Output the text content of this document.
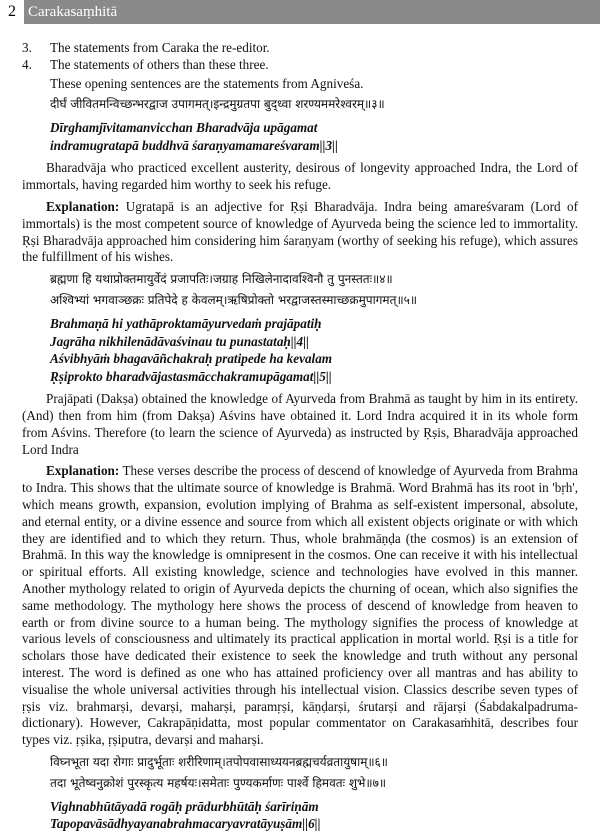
2 Carakasaṃhitā

3. The statements from Caraka the re-editor.

4. The statements of others than these three.

These opening sentences are the statements from Agniveśa.

दीर्घं जीवितमन्विच्छन्भरद्वाज उपागमत्।इन्द्रमुग्रतपा बुद्ध्वा शरण्यममरेश्वरम्॥३॥
Dīrghamjīvitamanvicchan Bharadvāja upāgamat
indramugratapā buddhvā śaraṇyamamareśvaram||3||

Bharadvāja who practiced excellent austerity, desirous of longevity approached Indra, the Lord of immortals, having regarded him worthy to seek his refuge.

Explanation: Ugratapā is an adjective for Ṛṣi Bharadvāja. Indra being amareśvaram (Lord of immortals) is the most competent source of knowledge of Ayurveda being the science led to immortality. Ṛṣi Bharadvāja approached him considering him śaraṇyam (worthy of seeking his refuge), which assures the fulfillment of his wishes.

ब्रह्मणा हि यथाप्रोक्तमायुर्वेदं प्रजापतिः।जग्राह निखिलेनादावश्विनौ तु पुनस्ततः॥४॥
अश्विभ्यां भगवाञ्छक्रः प्रतिपेदे ह केवलम्।ऋषिप्रोक्तो भरद्वाजस्तस्माच्छक्रमुपागमत्॥५॥
Brahmaṇā hi yathāproktamāyurvedaṁ prajāpatiḥ
Jagrāha nikhilenādāvaśvinau tu punastataḥ||4||
Aśvibhyāṁ bhagavāñchakraḥ pratipede ha kevalam
Ṛṣiprokto bharadvājastasmācchakramupāgamat||5||

Prajāpati (Dakṣa) obtained the knowledge of Ayurveda from Brahmā as taught by him in its entirety. (And) then from him (from Dakṣa) Aśvins have obtained it. Lord Indra acquired it in its whole form from Aśvins. Therefore (to learn the science of Ayurveda) as instructed by Ṛṣis, Bharadvāja approached Lord Indra

Explanation: These verses describe the process of descend of knowledge of Ayurveda from Brahma to Indra. This shows that the ultimate source of knowledge is Brahmā. Word Brahmā has its root in 'bṛh', which means growth, expansion, evolution implying of Brahma as self-existent impersonal, absolute, and eternal entity, or a divine essence and source from which all existent objects originate or with which they are identified and to which they return. Thus, whole brahmāṇḍa (the cosmos) is an extension of Brahmā. In this way the knowledge is omnipresent in the cosmos. One can receive it with his intellectual or spiritual efforts. All existing knowledge, science and technologies have evolved in this manner. Another mythology related to origin of Ayurveda depicts the churning of ocean, which also signifies the same methodology. The mythology here shows the process of descend of knowledge from heaven to earth or from divine source to a human being. The mythology signifies the process of knowledge at various levels of consciousness and ultimately its practical application in mortal world. Ṛṣi is a title for scholars those have dedicated their existence to seek the knowledge and truth without any personal interest. The word is defined as one who has attained proficiency over all mantras and has ability to visualise the whole universal activities through his intellectual vision. Classics describe seven types of ṛṣis viz. brahmarṣi, devarṣi, maharṣi, paramṛṣi, kāṇḍarṣi, śrutarṣi and rājarṣi (Śabdakalpadruma- dictionary). However, Cakrapāṇidatta, most popular commentator on Carakasaṁhitā, describes four types viz. ṛṣika, ṛṣiputra, devarṣi and maharṣi.

विघ्नभूता यदा रोगाः प्रादुर्भूताः शरीरिणाम्।तपोपवासाध्ययनब्रह्मचर्यव्रतायुषाम्॥६॥
तदा भूतेष्वनुक्रोशं पुरस्कृत्य महर्षयः।समेताः पुण्यकर्माणः पार्श्वे हिमवतः शुभे॥७॥
Vighnabhūtāyadā rogāḥ prādurbhūtāḥ śarīriṇām
Tapopavāsādhyayanabrahmacaryavratāyuṣām||6||
